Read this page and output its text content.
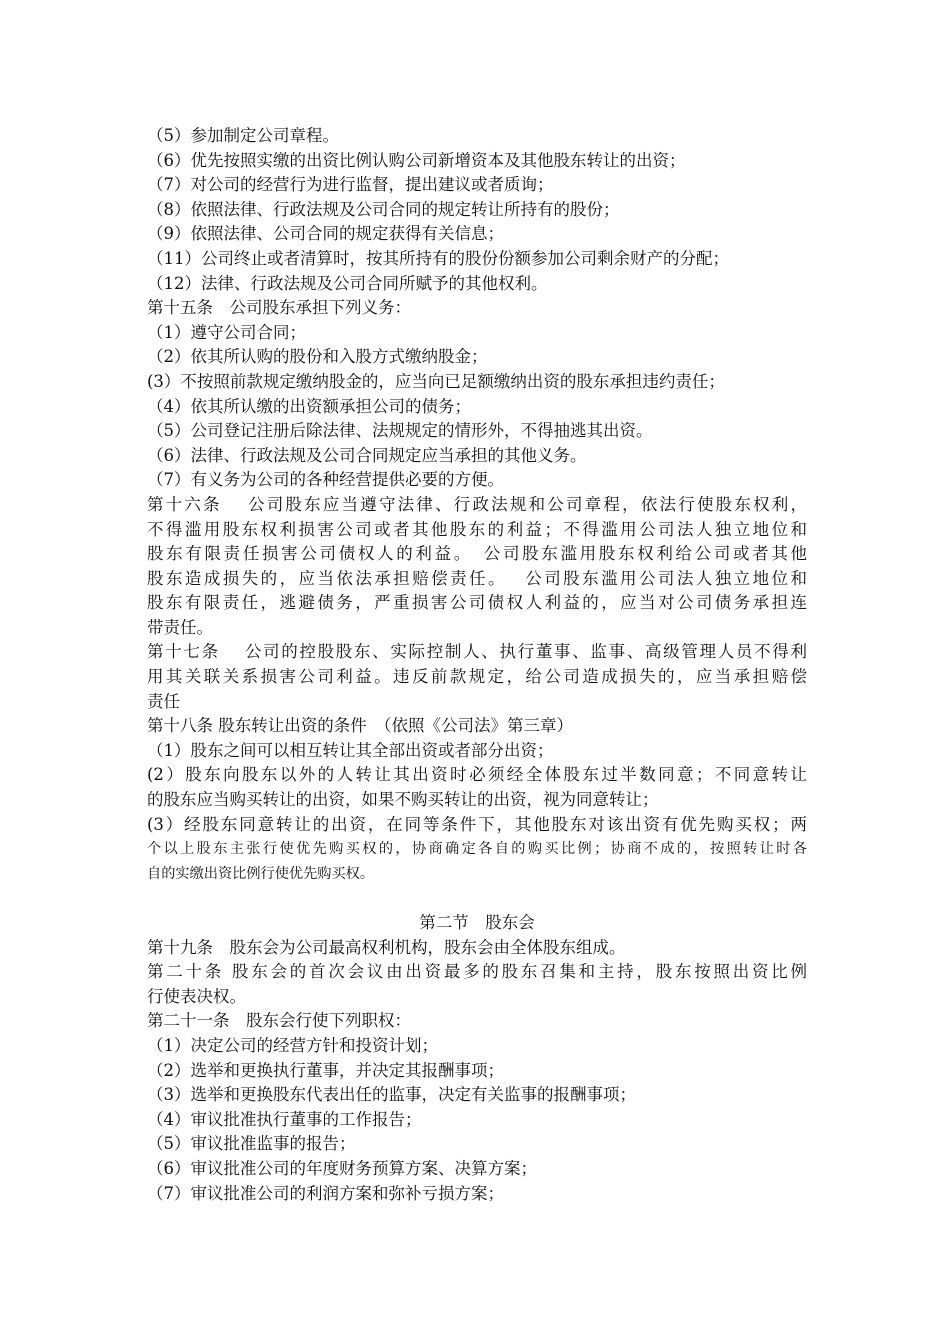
（5）参加制定公司章程。
（6）优先按照实缴的出资比例认购公司新增资本及其他股东转让的出资；
（7）对公司的经营行为进行监督，提出建议或者质询；
（8）依照法律、行政法规及公司合同的规定转让所持有的股份；
（9）依照法律、公司合同的规定获得有关信息；
（11）公司终止或者清算时，按其所持有的股份份额参加公司剩余财产的分配；
（12）法律、行政法规及公司合同所赋予的其他权利。
第十五条　公司股东承担下列义务：
（1）遵守公司合同；
（2）依其所认购的股份和入股方式缴纳股金；
(3）不按照前款规定缴纳股金的，应当向已足额缴纳出资的股东承担违约责任；
（4）依其所认缴的出资额承担公司的债务；
（5）公司登记注册后除法律、法规规定的情形外，不得抽逃其出资。
（6）法律、行政法规及公司合同规定应当承担的其他义务。
（7）有义务为公司的各种经营提供必要的方便。
第十六条　 公司股东应当遵守法律、行政法规和公司章程，依法行使股东权利，
不得滥用股东权利损害公司或者其他股东的利益；不得滥用公司法人独立地位和
股东有限责任损害公司债权人的利益。　公司股东滥用股东权利给公司或者其他
股东造成损失的，应当依法承担赔偿责任。　 公司股东滥用公司法人独立地位和
股东有限责任，逃避债务，严重损害公司债权人利益的，应当对公司债务承担连
带责任。
第十七条　 公司的控股股东、实际控制人、执行董事、监事、高级管理人员不得利
用其关联关系损害公司利益。违反前款规定，给公司造成损失的，应当承担赔偿
责任
第十八条 股东转让出资的条件　（依照《公司法》第三章）
（1）股东之间可以相互转让其全部出资或者部分出资；
(2）股东向股东以外的人转让其出资时必须经全体股东过半数同意；不同意转让
的股东应当购买转让的出资，如果不购买转让的出资，视为同意转让；
(3）经股东同意转让的出资，在同等条件下，其他股东对该出资有优先购买权；两
个以上股东主张行使优先购买权的，协商确定各自的购买比例；协商不成的，按照转让时各
自的实缴出资比例行使优先购买权。
第二节　股东会
第十九条　股东会为公司最高权利机构，股东会由全体股东组成。
第二十条 股东会的首次会议由出资最多的股东召集和主持，股东按照出资比例
行使表决权。
第二十一条　股东会行使下列职权：
（1）决定公司的经营方针和投资计划；
（2）选举和更换执行董事，并决定其报酬事项；
（3）选举和更换股东代表出任的监事，决定有关监事的报酬事项；
（4）审议批准执行董事的工作报告；
（5）审议批准监事的报告；
（6）审议批准公司的年度财务预算方案、决算方案；
（7）审议批准公司的利润方案和弥补亏损方案；
